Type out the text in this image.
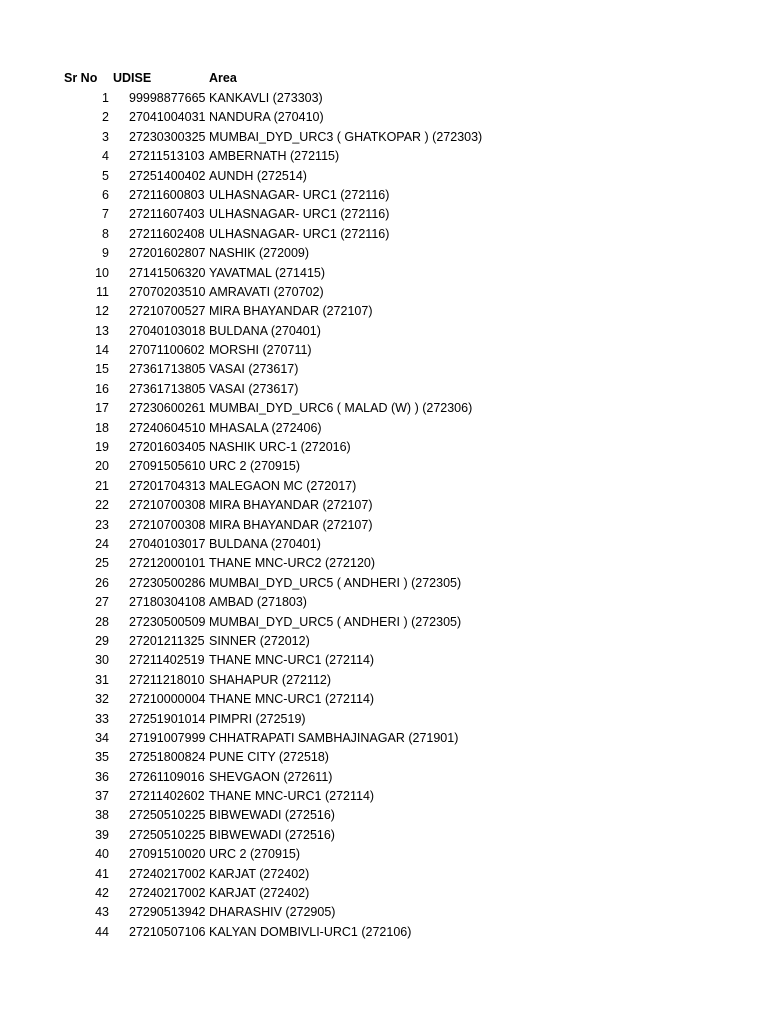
Sr No UDISE	Area
1 99998877665 KANKAVLI (273303)
2 27041004031 NANDURA (270410)
3 27230300325 MUMBAI_DYD_URC3 ( GHATKOPAR ) (272303)
4 27211513103 AMBERNATH (272115)
5 27251400402 AUNDH (272514)
6 27211600803 ULHASNAGAR- URC1 (272116)
7 27211607403 ULHASNAGAR- URC1 (272116)
8 27211602408 ULHASNAGAR- URC1 (272116)
9 27201602807 NASHIK (272009)
10 27141506320 YAVATMAL (271415)
11 27070203510 AMRAVATI (270702)
12 27210700527 MIRA BHAYANDAR (272107)
13 27040103018 BULDANA (270401)
14 27071100602 MORSHI (270711)
15 27361713805 VASAI (273617)
16 27361713805 VASAI (273617)
17 27230600261 MUMBAI_DYD_URC6 ( MALAD (W) ) (272306)
18 27240604510 MHASALA (272406)
19 27201603405 NASHIK URC-1 (272016)
20 27091505610 URC 2 (270915)
21 27201704313 MALEGAON MC (272017)
22 27210700308 MIRA BHAYANDAR (272107)
23 27210700308 MIRA BHAYANDAR (272107)
24 27040103017 BULDANA (270401)
25 27212000101 THANE MNC-URC2 (272120)
26 27230500286 MUMBAI_DYD_URC5 ( ANDHERI ) (272305)
27 27180304108 AMBAD (271803)
28 27230500509 MUMBAI_DYD_URC5 ( ANDHERI ) (272305)
29 27201211325 SINNER (272012)
30 27211402519 THANE MNC-URC1 (272114)
31 27211218010 SHAHAPUR (272112)
32 27210000004 THANE MNC-URC1 (272114)
33 27251901014 PIMPRI (272519)
34 27191007999 CHHATRAPATI SAMBHAJINAGAR (271901)
35 27251800824 PUNE CITY (272518)
36 27261109016 SHEVGAON (272611)
37 27211402602 THANE MNC-URC1 (272114)
38 27250510225 BIBWEWADI (272516)
39 27250510225 BIBWEWADI (272516)
40 27091510020 URC 2 (270915)
41 27240217002 KARJAT (272402)
42 27240217002 KARJAT (272402)
43 27290513942 DHARASHIV (272905)
44 27210507106 KALYAN DOMBIVLI-URC1 (272106)
